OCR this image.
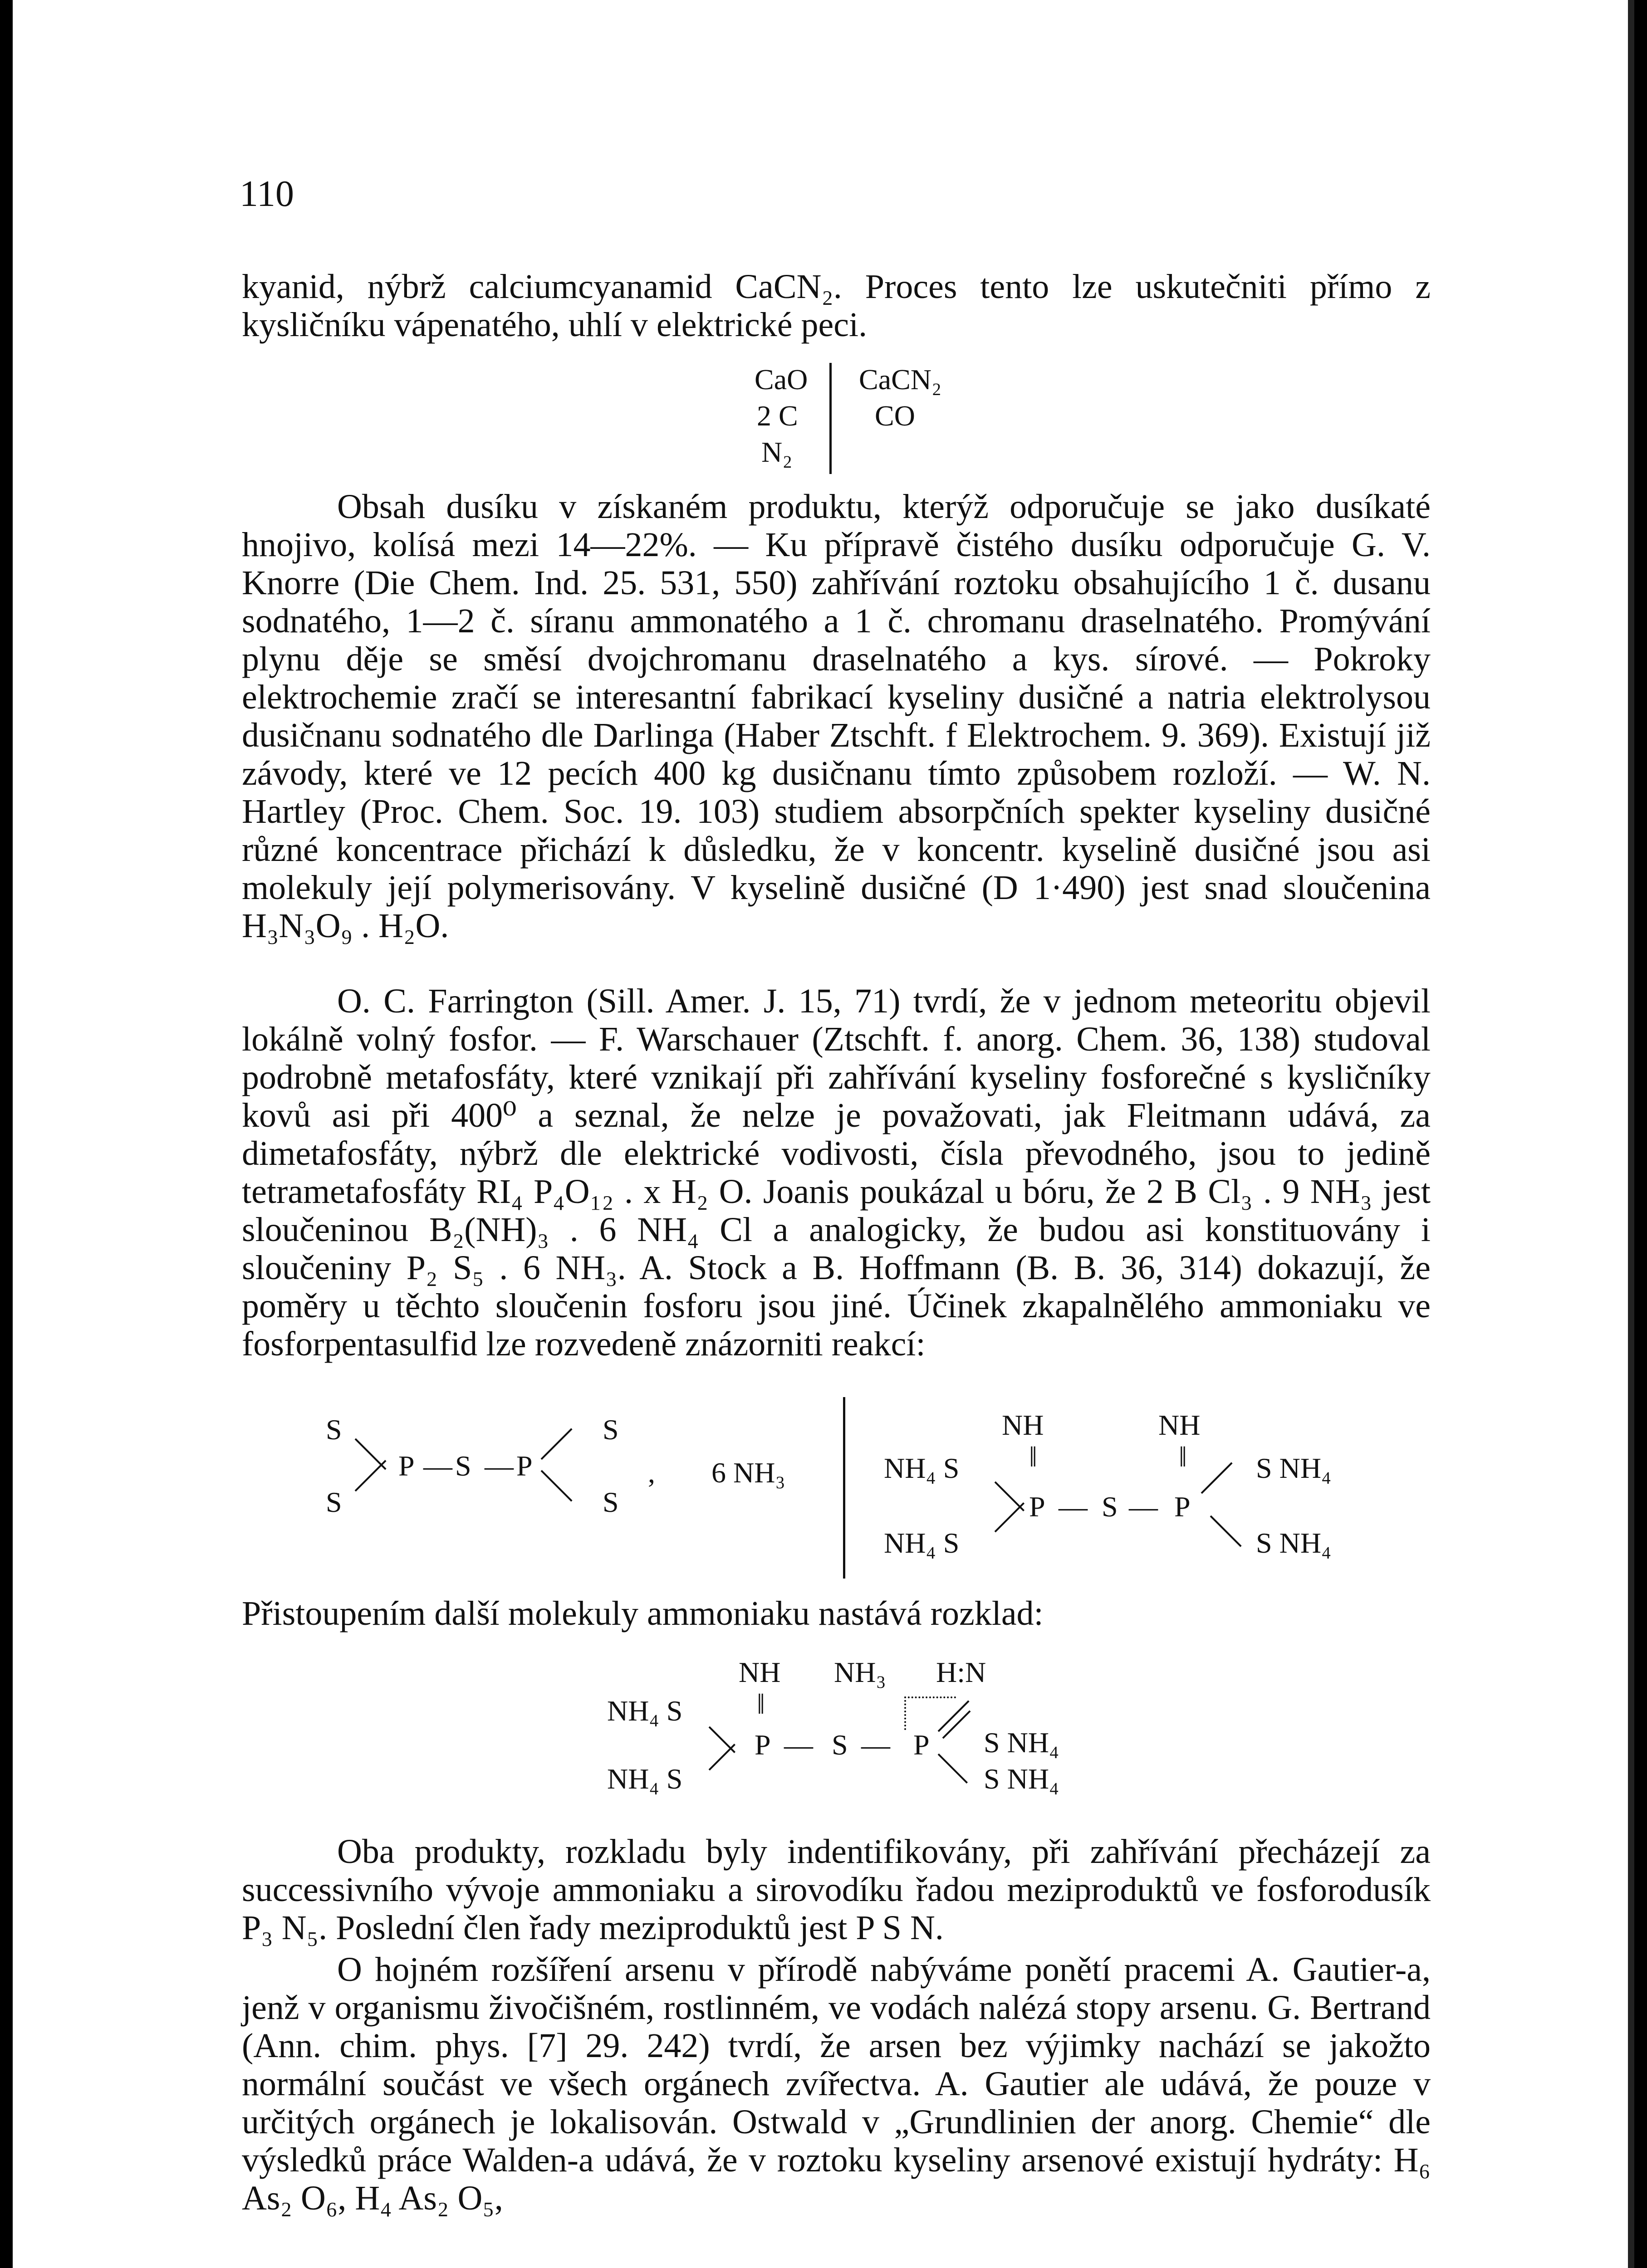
110
kyanid, nýbrž calciumcyanamid CaCN₂. Proces tento lze uskutečniti přímo z kysličníku vápenatého, uhlí v elektrické peci.
CaO
2 C
N₂
CaCN₂
CO
Obsah dusíku v získaném produktu, kterýž odporučuje se jako dusíkaté hnojivo, kolísá mezi 14—22%. — Ku přípravě čistého dusíku odporučuje G. V. Knorre (Die Chem. Ind. 25. 531, 550) zahřívání roztoku obsahujícího 1 č. dusanu sodnatého, 1—2 č. síranu ammonatého a 1 č. chromanu draselnatého. Promývání plynu děje se směsí dvojchromanu draselnatého a kys. sírové. — Pokroky elektrochemie zračí se interesantní fabrikací kyseliny dusičné a natria elektrolysou dusičnanu sodnatého dle Darlinga (Haber Ztschft. f Elektrochem. 9. 369). Existují již závody, které ve 12 pecích 400 kg dusičnanu tímto způsobem rozloží. — W. N. Hartley (Proc. Chem. Soc. 19. 103) studiem absorpčních spekter kyseliny dusičné různé koncentrace přichází k důsledku, že v koncentr. kyselině dusičné jsou asi molekuly její polymerisovány. V kyselině dusičné (D 1·490) jest snad sloučenina H₃N₃O₉ . H₂O.
O. C. Farrington (Sill. Amer. J. 15, 71) tvrdí, že v jednom meteoritu objevil lokálně volný fosfor. — F. Warschauer (Ztschft. f. anorg. Chem. 36, 138) studoval podrobně metafosfáty, které vznikají při zahřívání kyseliny fosforečné s kysličníky kovů asi při 400⁰ a seznal, že nelze je považovati, jak Fleitmann udává, za dimetafosfáty, nýbrž dle elektrické vodivosti, čísla převodného, jsou to jedině tetrametafosfáty RI₄ P₄O₁₂ . x H₂ O. Joanis poukázal u bóru, že 2 B Cl₃ . 9 NH₃ jest sloučeninou B₂(NH)₃ . 6 NH₄ Cl a analogicky, že budou asi konstituovány i sloučeniny P₂ S₅ . 6 NH₃. A. Stock a B. Hoffmann (B. B. 36, 314) dokazují, že poměry u těchto sloučenin fosforu jsou jiné. Účinek zkapalnělého ammoniaku ve fosforpentasulfid lze rozvedeně znázorniti reakcí:
S
S
P — S — P
S
S
, 6 NH₃
NH	NH
‖	‖
NH₄ S
NH₄ S
P — S — P
S NH₄
S NH₄
Přistoupením další molekuly ammoniaku nastává rozklad:
NH NH₃ H:N
‖
NH₄ S
NH₄ S
P — S — P S NH₄
S NH₄
Oba produkty, rozkladu byly indentifikovány, při zahřívání přecházejí za successivního vývoje ammoniaku a sirovodíku řadou meziproduktů ve fosforodusík P₃ N₅. Poslední člen řady meziproduktů jest P S N.
O hojném rozšíření arsenu v přírodě nabýváme ponětí pracemi A. Gautier-a, jenž v organismu živočišném, rostlinném, ve vodách nalézá stopy arsenu. G. Bertrand (Ann. chim. phys. [7] 29. 242) tvrdí, že arsen bez výjimky nachází se jakožto normální součást ve všech orgánech zvířectva. A. Gautier ale udává, že pouze v určitých orgánech je lokalisován. Ostwald v „Grundlinien der anorg. Chemie“ dle výsledků práce Walden-a udává, že v roztoku kyseliny arsenové existují hydráty: H₆ As₂ O₆, H₄ As₂ O₅,
